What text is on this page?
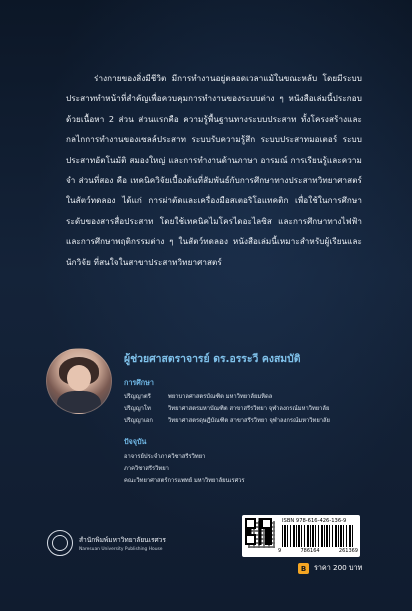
ร่างกายของสิ่งมีชีวิต มีการทำงานอยู่ตลอดเวลาแม้ในขณะหลับ โดยมีระบบประสาททำหน้าที่สำคัญเพื่อควบคุมการทำงานของระบบต่าง ๆ หนังสือเล่มนี้ประกอบด้วยเนื้อหา 2 ส่วน ส่วนแรกคือ ความรู้พื้นฐานทางระบบประสาท ทั้งโครงสร้างและกลไกการทำงานของเซลล์ประสาท ระบบรับความรู้สึก ระบบประสาทมอเตอร์ ระบบประสาทอัตโนมัติ สมองใหญ่ และการทำงานด้านภาษา อารมณ์ การเรียนรู้และความจำ ส่วนที่สอง คือ เทคนิควิจัยเบื้องต้นที่สัมพันธ์กับการศึกษาทางประสาทวิทยาศาสตร์ในสัตว์ทดลอง ได้แก่ การผ่าตัดและเครื่องมือสเตอริโอแทคติก เพื่อใช้ในการศึกษาระดับของสารสื่อประสาท โดยใช้เทคนิคไมโครไดอะไลซิส และการศึกษาทางไฟฟ้า และการศึกษาพฤติกรรมต่าง ๆ ในสัตว์ทดลอง หนังสือเล่มนี้เหมาะสำหรับผู้เรียนและนักวิจัย ที่สนใจในสาขาประสาทวิทยาศาสตร์

ผู้ช่วยศาสตราจารย์ ดร.อรระวี คงสมบัติ
การศึกษา
ปริญญาตรี	พยาบาลศาสตรบัณฑิต มหาวิทยาลัยมหิดล
ปริญญาโท	วิทยาศาสตรมหาบัณฑิต สาขาสรีรวิทยา จุฬาลงกรณ์มหาวิทยาลัย
ปริญญาเอก	วิทยาศาสตรดุษฎีบัณฑิต สาขาสรีรวิทยา จุฬาลงกรณ์มหาวิทยาลัย
ปัจจุบัน
อาจารย์ประจำภาควิชาสรีรวิทยา
ภาควิชาสรีรวิทยา
คณะวิทยาศาสตร์การแพทย์ มหาวิทยาลัยนเรศวร
สำนักพิมพ์มหาวิทยาลัยนเรศวร
Naresuan University Publishing House
ISBN 978-616-426-136-9
9	786164	261369
B	ราคา 200 บาท
